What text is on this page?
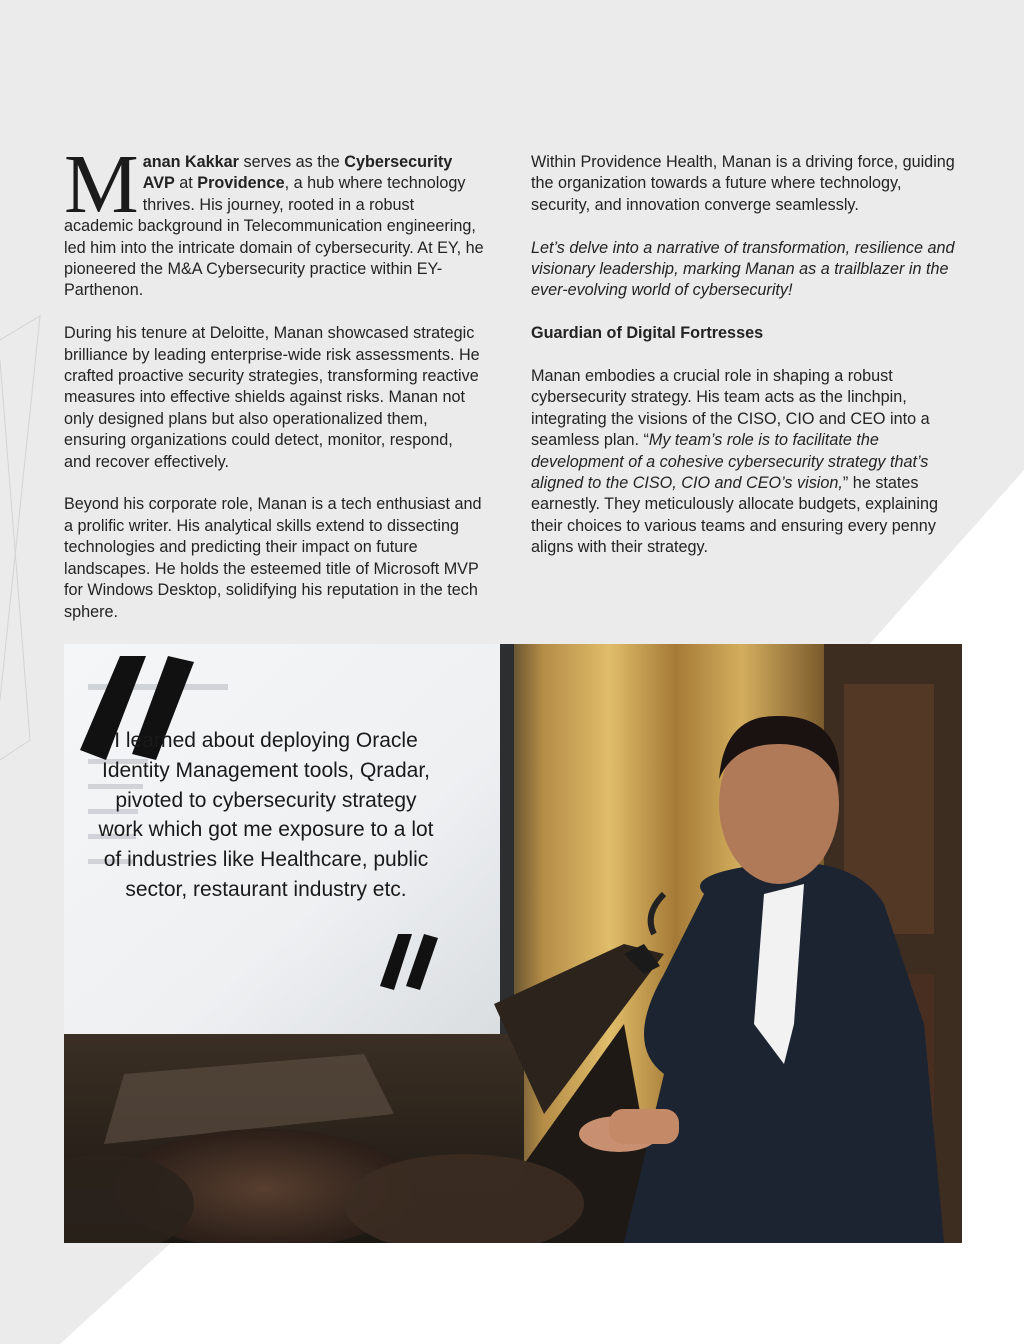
Manan Kakkar serves as the Cybersecurity AVP at Providence, a hub where technology thrives. His journey, rooted in a robust academic background in Telecommunication engineering, led him into the intricate domain of cybersecurity. At EY, he pioneered the M&A Cybersecurity practice within EY-Parthenon.

During his tenure at Deloitte, Manan showcased strategic brilliance by leading enterprise-wide risk assessments. He crafted proactive security strategies, transforming reactive measures into effective shields against risks. Manan not only designed plans but also operationalized them, ensuring organizations could detect, monitor, respond, and recover effectively.

Beyond his corporate role, Manan is a tech enthusiast and a prolific writer. His analytical skills extend to dissecting technologies and predicting their impact on future landscapes. He holds the esteemed title of Microsoft MVP for Windows Desktop, solidifying his reputation in the tech sphere.

Within Providence Health, Manan is a driving force, guiding the organization towards a future where technology, security, and innovation converge seamlessly.

Let’s delve into a narrative of transformation, resilience and visionary leadership, marking Manan as a trailblazer in the ever-evolving world of cybersecurity!

Guardian of Digital Fortresses

Manan embodies a crucial role in shaping a robust cybersecurity strategy. His team acts as the linchpin, integrating the visions of the CISO, CIO and CEO into a seamless plan. “My team’s role is to facilitate the development of a cohesive cybersecurity strategy that’s aligned to the CISO, CIO and CEO’s vision,” he states earnestly. They meticulously allocate budgets, explaining their choices to various teams and ensuring every penny aligns with their strategy.

I learned about deploying Oracle Identity Management tools, Qradar, pivoted to cybersecurity strategy work which got me exposure to a lot of industries like Healthcare, public sector, restaurant industry etc.
